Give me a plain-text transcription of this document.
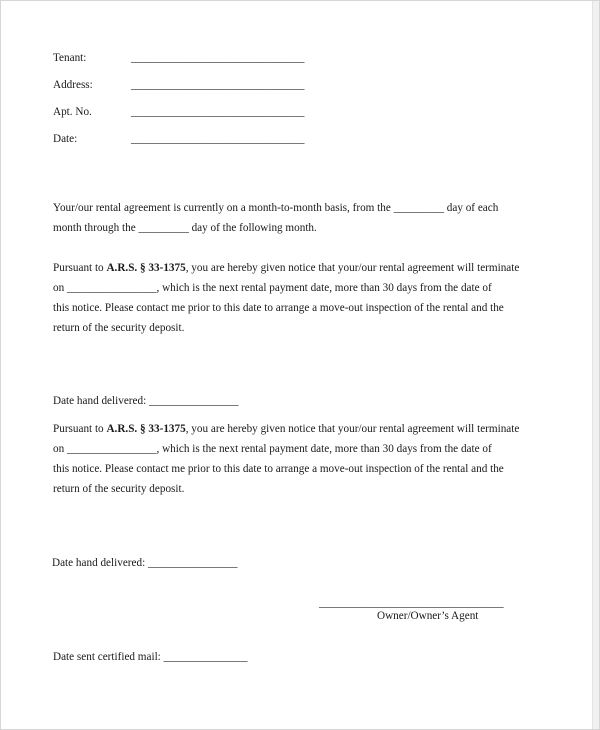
Tenant:	_______________________________
Address:	_______________________________
Apt. No.	_______________________________
Date:	_______________________________
Your/our rental agreement is currently on a month-to-month basis, from the _________ day of each
month through the _________ day of the following month.
Pursuant to A.R.S. § 33-1375, you are hereby given notice that your/our rental agreement will terminate
on ________________, which is the next rental payment date, more than 30 days from the date of
this notice. Please contact me prior to this date to arrange a move-out inspection of the rental and the
return of the security deposit.
Date hand delivered: ________________
Pursuant to A.R.S. § 33-1375, you are hereby given notice that your/our rental agreement will terminate
on ________________, which is the next rental payment date, more than 30 days from the date of
this notice. Please contact me prior to this date to arrange a move-out inspection of the rental and the
return of the security deposit.
Date hand delivered: ________________
_________________________________
Owner/Owner’s Agent
Date sent certified mail: _______________
